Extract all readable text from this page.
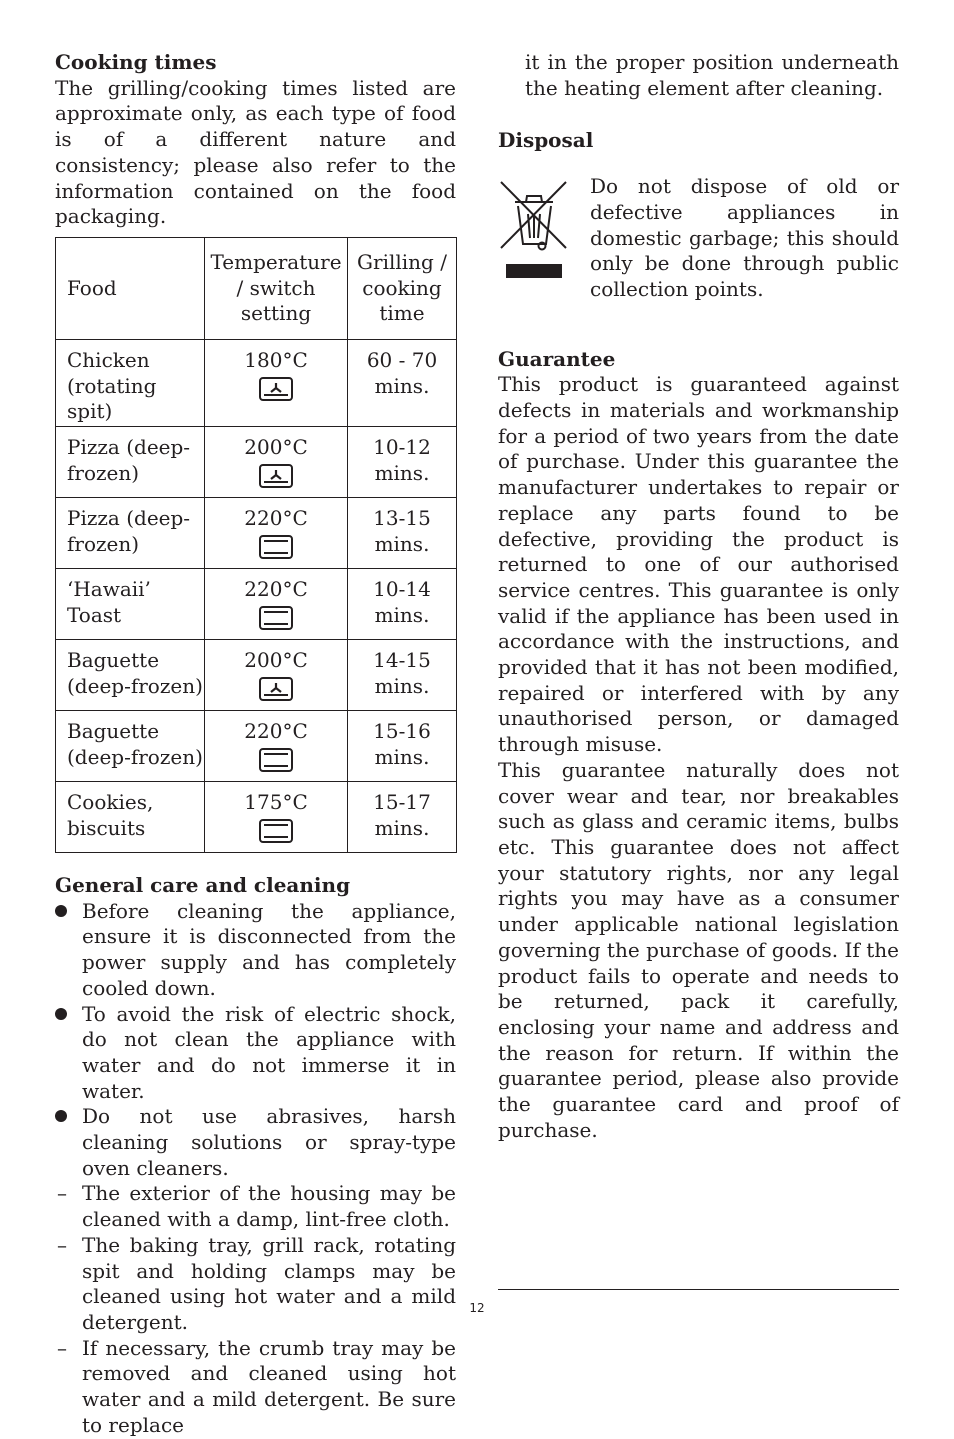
Cooking times

The grilling/cooking times listed are approximate only, as each type of food is of a different nature and consistency; please also refer to the information contained on the food packaging.

Food	Temperature / switch setting	Grilling / cooking time
Chicken (rotating spit)	180°C	60 - 70 mins.
Pizza (deep-frozen)	200°C	10-12 mins.
Pizza (deep-frozen)	220°C	13-15 mins.
‘Hawaii’ Toast	220°C	10-14 mins.
Baguette (deep-frozen)	200°C	14-15 mins.
Baguette (deep-frozen)	220°C	15-16 mins.
Cookies, biscuits	175°C	15-17 mins.

General care and cleaning

Before cleaning the appliance, ensure it is disconnected from the power supply and has completely cooled down.
To avoid the risk of electric shock, do not clean the appliance with water and do not immerse it in water.
Do not use abrasives, harsh cleaning solutions or spray-type oven cleaners.
– The exterior of the housing may be cleaned with a damp, lint-free cloth.
– The baking tray, grill rack, rotating spit and holding clamps may be cleaned using hot water and a mild detergent.
– If necessary, the crumb tray may be removed and cleaned using hot water and a mild detergent. Be sure to replace

it in the proper position underneath the heating element after cleaning.

Disposal

Do not dispose of old or defective appliances in domestic garbage; this should only be done through public collection points.

Guarantee

This product is guaranteed against defects in materials and workmanship for a period of two years from the date of purchase. Under this guarantee the manufacturer undertakes to repair or replace any parts found to be defective, providing the product is returned to one of our authorised service centres. This guarantee is only valid if the appliance has been used in accordance with the instructions, and provided that it has not been modified, repaired or interfered with by any unauthorised person, or damaged through misuse.

This guarantee naturally does not cover wear and tear, nor breakables such as glass and ceramic items, bulbs etc. This guarantee does not affect your statutory rights, nor any legal rights you may have as a consumer under applicable national legislation governing the purchase of goods. If the product fails to operate and needs to be returned, pack it carefully, enclosing your name and address and the reason for return. If within the guarantee period, please also provide the guarantee card and proof of purchase.

12
